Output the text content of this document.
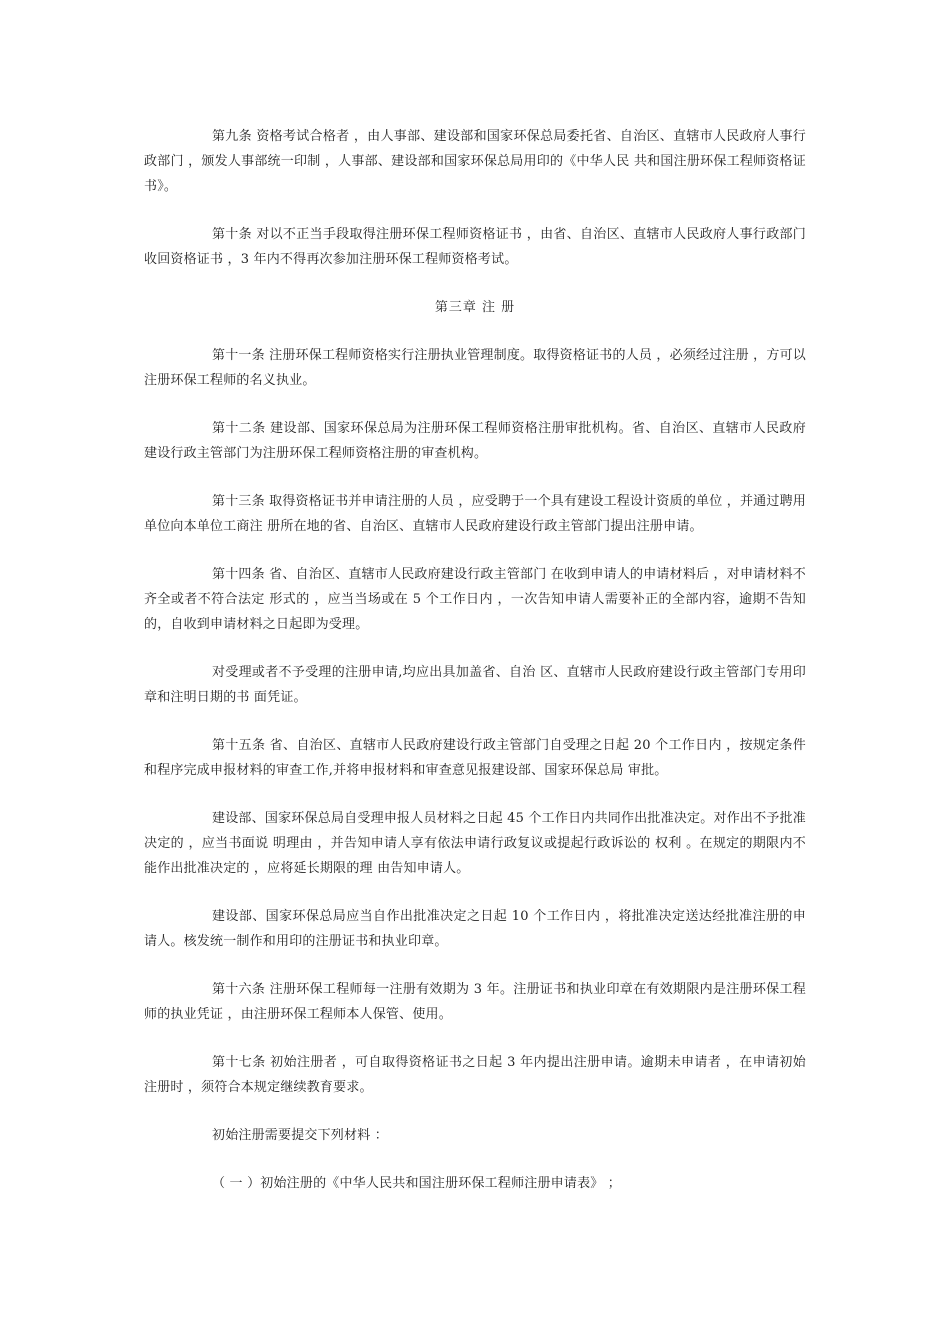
第九条 资格考试合格者 ，由人事部、建设部和国家环保总局委托省、自治区、直辖市人民政府人事行政部门 ，颁发人事部统一印制 ，人事部、建设部和国家环保总局用印的《中华人民 共和国注册环保工程师资格证书》。

第十条 对以不正当手段取得注册环保工程师资格证书 ，由省、自治区、直辖市人民政府人事行政部门收回资格证书 ，3 年内不得再次参加注册环保工程师资格考试。

第三章 注 册

第十一条 注册环保工程师资格实行注册执业管理制度。取得资格证书的人员 ，必须经过注册 ，方可以注册环保工程师的名义执业。

第十二条 建设部、国家环保总局为注册环保工程师资格注册审批机构。省、自治区、直辖市人民政府建设行政主管部门为注册环保工程师资格注册的审查机构。

第十三条 取得资格证书并申请注册的人员 ，应受聘于一个具有建设工程设计资质的单位 ，并通过聘用单位向本单位工商注 册所在地的省、自治区、直辖市人民政府建设行政主管部门提出注册申请。

第十四条 省、自治区、直辖市人民政府建设行政主管部门 在收到申请人的申请材料后 ，对申请材料不齐全或者不符合法定 形式的 ，应当当场或在 5 个工作日内 ，一次告知申请人需要补正的全部内容，逾期不告知的，自收到申请材料之日起即为受理。

对受理或者不予受理的注册申请,均应出具加盖省、自治 区、直辖市人民政府建设行政主管部门专用印章和注明日期的书 面凭证。

第十五条 省、自治区、直辖市人民政府建设行政主管部门自受理之日起 20 个工作日内 ，按规定条件和程序完成申报材料的审查工作,并将申报材料和审查意见报建设部、国家环保总局 审批。

建设部、国家环保总局自受理申报人员材料之日起 45 个工作日内共同作出批准决定。对作出不予批准决定的 ，应当书面说 明理由 ，并告知申请人享有依法申请行政复议或提起行政诉讼的 权利 。在规定的期限内不能作出批准决定的 ，应将延长期限的理 由告知申请人。

建设部、国家环保总局应当自作出批准决定之日起 10 个工作日内 ，将批准决定送达经批准注册的申请人。核发统一制作和用印的注册证书和执业印章。

第十六条 注册环保工程师每一注册有效期为 3 年。注册证书和执业印章在有效期限内是注册环保工程师的执业凭证 ，由注册环保工程师本人保管、使用。

第十七条 初始注册者 ，可自取得资格证书之日起 3 年内提出注册申请。逾期未申请者 ，在申请初始注册时 ，须符合本规定继续教育要求。

初始注册需要提交下列材料 ：

（ 一 ）初始注册的《中华人民共和国注册环保工程师注册申请表》 ；
